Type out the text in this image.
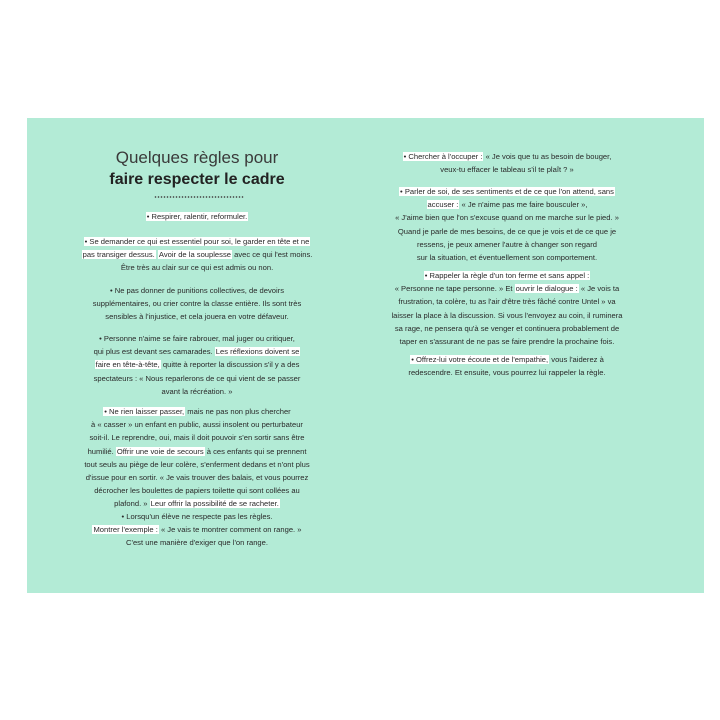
Quelques règles pour
faire respecter le cadre

• Respirer, ralentir, reformuler.

• Se demander ce qui est essentiel pour soi, le garder en tête et ne
pas transiger dessus. Avoir de la souplesse avec ce qui l'est moins.
Être très au clair sur ce qui est admis ou non.
• Ne pas donner de punitions collectives, de devoirs
supplémentaires, ou crier contre la classe entière. Ils sont très
sensibles à l'injustice, et cela jouera en votre défaveur.
• Personne n'aime se faire rabrouer, mal juger ou critiquer,
qui plus est devant ses camarades. Les réflexions doivent se
faire en tête-à-tête, quitte à reporter la discussion s'il y a des
spectateurs : « Nous reparlerons de ce qui vient de se passer
avant la récréation. »
• Ne rien laisser passer, mais ne pas non plus chercher
à « casser » un enfant en public, aussi insolent ou perturbateur
soit-il. Le reprendre, oui, mais il doit pouvoir s'en sortir sans être
humilié. Offrir une voie de secours à ces enfants qui se prennent
tout seuls au piège de leur colère, s'enferment dedans et n'ont plus
d'issue pour en sortir. « Je vais trouver des balais, et vous pourrez
décrocher les boulettes de papiers toilette qui sont collées au
plafond. » Leur offrir la possibilité de se racheter.
• Lorsqu'un élève ne respecte pas les règles.
Montrer l'exemple : « Je vais te montrer comment on range. »
C'est une manière d'exiger que l'on range.
• Chercher à l'occuper : « Je vois que tu as besoin de bouger,
veux-tu effacer le tableau s'il te plaît ? »
• Parler de soi, de ses sentiments et de ce que l'on attend, sans
accuser : « Je n'aime pas me faire bousculer »,
« J'aime bien que l'on s'excuse quand on me marche sur le pied. »
Quand je parle de mes besoins, de ce que je vois et de ce que je
ressens, je peux amener l'autre à changer son regard
sur la situation, et éventuellement son comportement.
• Rappeler la règle d'un ton ferme et sans appel :
« Personne ne tape personne. » Et ouvrir le dialogue : « Je vois ta
frustration, ta colère, tu as l'air d'être très fâché contre Untel » va
laisser la place à la discussion. Si vous l'envoyez au coin, il ruminera
sa rage, ne pensera qu'à se venger et continuera probablement de
taper en s'assurant de ne pas se faire prendre la prochaine fois.
• Offrez-lui votre écoute et de l'empathie, vous l'aiderez à
redescendre. Et ensuite, vous pourrez lui rappeler la règle.
